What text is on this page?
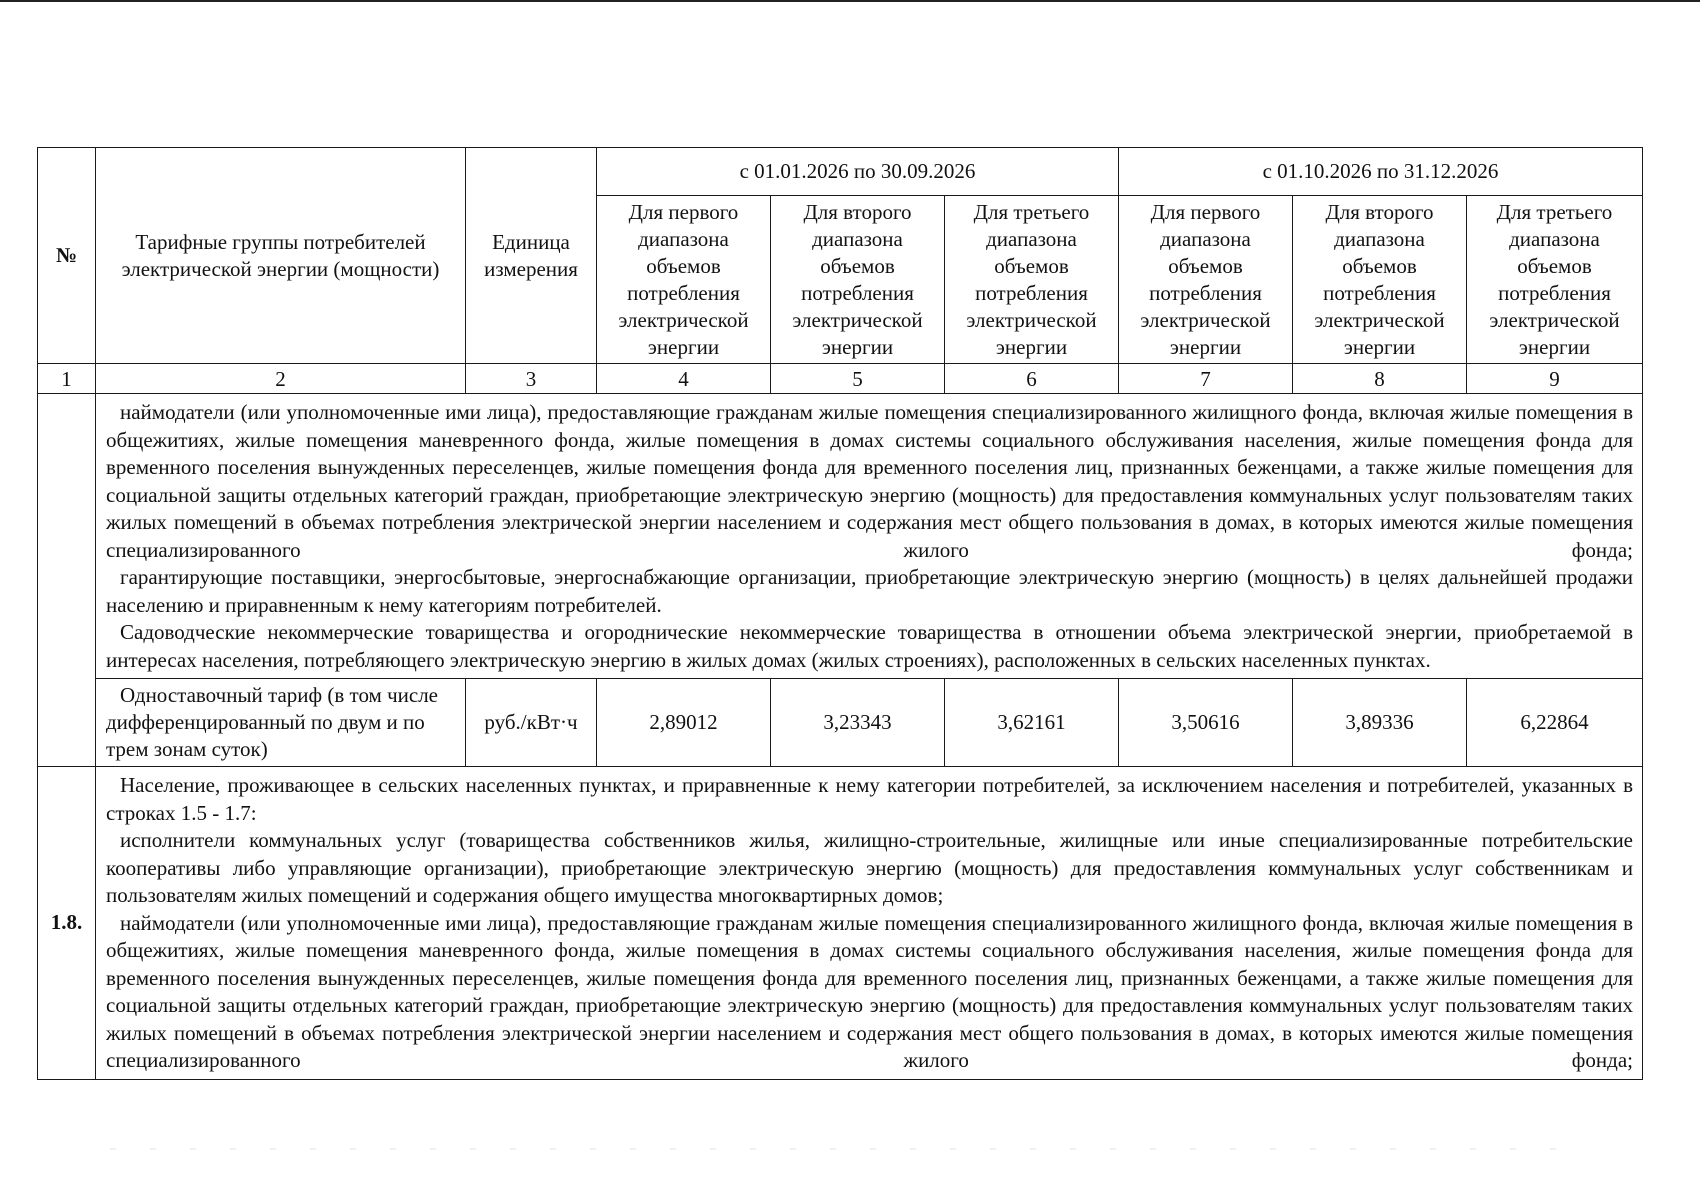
№	Тарифные группы потребителей электрической энергии (мощности)	Единица измерения	с 01.01.2026 по 30.09.2026			с 01.10.2026 по 31.12.2026		
			Для первого диапазона объемов потребления электрической энергии	Для второго диапазона объемов потребления электрической энергии	Для третьего диапазона объемов потребления электрической энергии	Для первого диапазона объемов потребления электрической энергии	Для второго диапазона объемов потребления электрической энергии	Для третьего диапазона объемов потребления электрической энергии
1	2	3	4	5	6	7	8	9

	наймодатели (или уполномоченные ими лица), предоставляющие гражданам жилые помещения специализированного жилищного фонда, включая жилые помещения в общежитиях, жилые помещения маневренного фонда, жилые помещения в домах системы социального обслуживания населения, жилые помещения фонда для временного поселения вынужденных переселенцев, жилые помещения фонда для временного поселения лиц, признанных беженцами, а также жилые помещения для социальной защиты отдельных категорий граждан, приобретающие электрическую энергию (мощность) для предоставления коммунальных услуг пользователям таких жилых помещений в объемах потребления электрической энергии населением и содержания мест общего пользования в домах, в которых имеются жилые помещения специализированного жилого фонда;

гарантирующие поставщики, энергосбытовые, энергоснабжающие организации, приобретающие электрическую энергию (мощность) в целях дальнейшей продажи населению и приравненным к нему категориям потребителей.

Садоводческие некоммерческие товарищества и огороднические некоммерческие товарищества в отношении объема электрической энергии, приобретаемой в интересах населения, потребляющего электрическую энергию в жилых домах (жилых строениях), расположенных в сельских населенных пунктах.							

	Одноставочный тариф (в том числе дифференцированный по двум и по трем зонам суток)	руб./кВт·ч	2,89012	3,23343	3,62161	3,50616	3,89336	6,22864
1.8.	Население, проживающее в сельских населенных пунктах, и приравненные к нему категории потребителей, за исключением населения и потребителей, указанных в строках 1.5 - 1.7:

исполнители коммунальных услуг (товарищества собственников жилья, жилищно-строительные, жилищные или иные специализированные потребительские кооперативы либо управляющие организации), приобретающие электрическую энергию (мощность) для предоставления коммунальных услуг собственникам и пользователям жилых помещений и содержания общего имущества многоквартирных домов;

наймодатели (или уполномоченные ими лица), предоставляющие гражданам жилые помещения специализированного жилищного фонда, включая жилые помещения в общежитиях, жилые помещения маневренного фонда, жилые помещения в домах системы социального обслуживания населения, жилые помещения фонда для временного поселения вынужденных переселенцев, жилые помещения фонда для временного поселения лиц, признанных беженцами, а также жилые помещения для социальной защиты отдельных категорий граждан, приобретающие электрическую энергию (мощность) для предоставления коммунальных услуг пользователям таких жилых помещений в объемах потребления электрической энергии населением и содержания мест общего пользования в домах, в которых имеются жилые помещения специализированного жилого фонда;							
